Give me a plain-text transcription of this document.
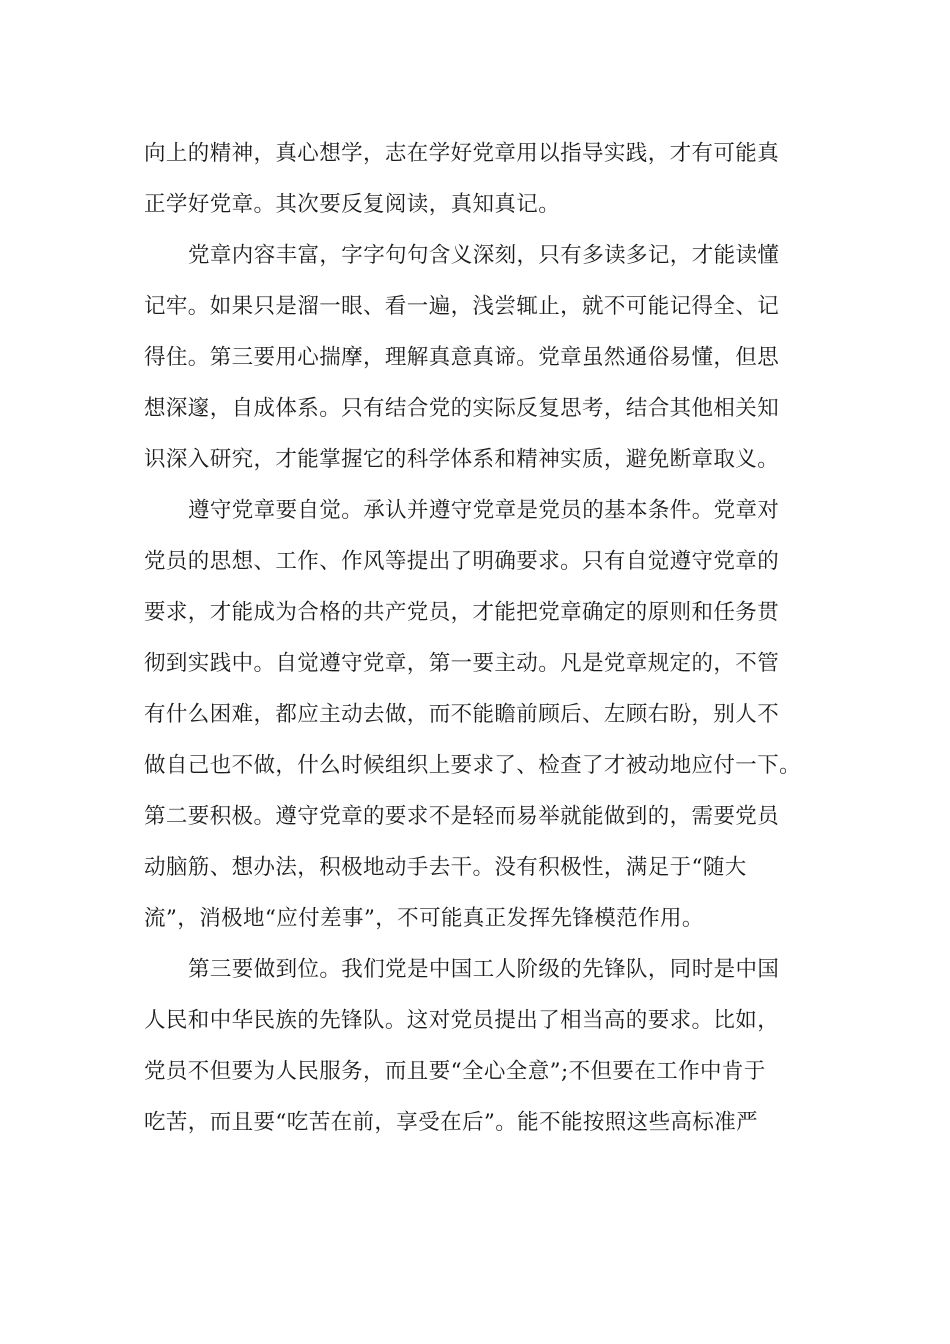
向上的精神，真心想学，志在学好党章用以指导实践，才有可能真
正学好党章。其次要反复阅读，真知真记。
党章内容丰富，字字句句含义深刻，只有多读多记，才能读懂
记牢。如果只是溜一眼、看一遍，浅尝辄止，就不可能记得全、记
得住。第三要用心揣摩，理解真意真谛。党章虽然通俗易懂，但思
想深邃，自成体系。只有结合党的实际反复思考，结合其他相关知
识深入研究，才能掌握它的科学体系和精神实质，避免断章取义。
遵守党章要自觉。承认并遵守党章是党员的基本条件。党章对
党员的思想、工作、作风等提出了明确要求。只有自觉遵守党章的
要求，才能成为合格的共产党员，才能把党章确定的原则和任务贯
彻到实践中。自觉遵守党章，第一要主动。凡是党章规定的，不管
有什么困难，都应主动去做，而不能瞻前顾后、左顾右盼，别人不
做自己也不做，什么时候组织上要求了、检查了才被动地应付一下。
第二要积极。遵守党章的要求不是轻而易举就能做到的，需要党员
动脑筋、想办法，积极地动手去干。没有积极性，满足于“随大
流”，消极地“应付差事”，不可能真正发挥先锋模范作用。
第三要做到位。我们党是中国工人阶级的先锋队，同时是中国
人民和中华民族的先锋队。这对党员提出了相当高的要求。比如，
党员不但要为人民服务，而且要“全心全意”;不但要在工作中肯于
吃苦，而且要“吃苦在前，享受在后”。能不能按照这些高标准严
